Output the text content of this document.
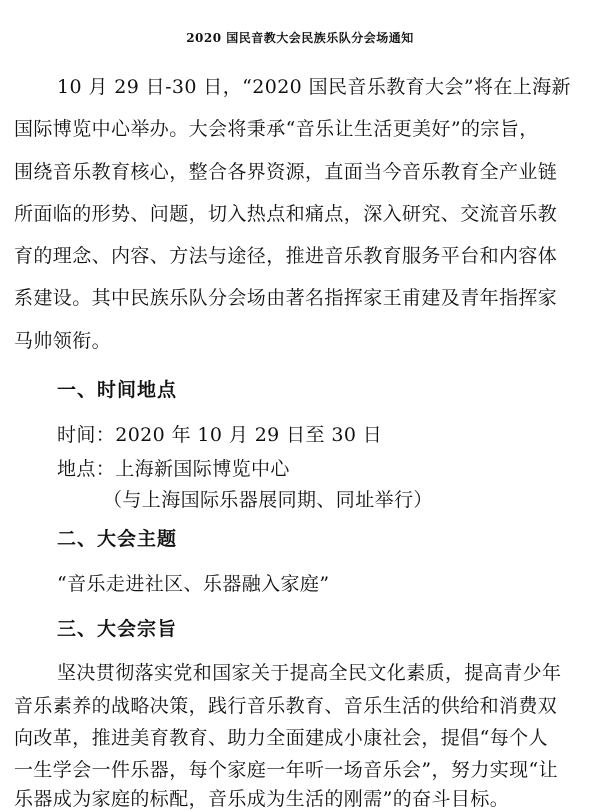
2020 国民音教大会民族乐队分会场通知
10 月 29 日-30 日，“2020 国民音乐教育大会”将在上海新
国际博览中心举办。大会将秉承“音乐让生活更美好”的宗旨，
围绕音乐教育核心，整合各界资源，直面当今音乐教育全产业链
所面临的形势、问题，切入热点和痛点，深入研究、交流音乐教
育的理念、内容、方法与途径，推进音乐教育服务平台和内容体
系建设。其中民族乐队分会场由著名指挥家王甫建及青年指挥家
马帅领衔。
一、时间地点
时间：2020 年 10 月 29 日至 30 日
地点：上海新国际博览中心
（与上海国际乐器展同期、同址举行）
二、大会主题
“音乐走进社区、乐器融入家庭”
三、大会宗旨
坚决贯彻落实党和国家关于提高全民文化素质，提高青少年
音乐素养的战略决策，践行音乐教育、音乐生活的供给和消费双
向改革，推进美育教育、助力全面建成小康社会，提倡“每个人
一生学会一件乐器，每个家庭一年听一场音乐会”，努力实现“让
乐器成为家庭的标配，音乐成为生活的刚需”的奋斗目标。
